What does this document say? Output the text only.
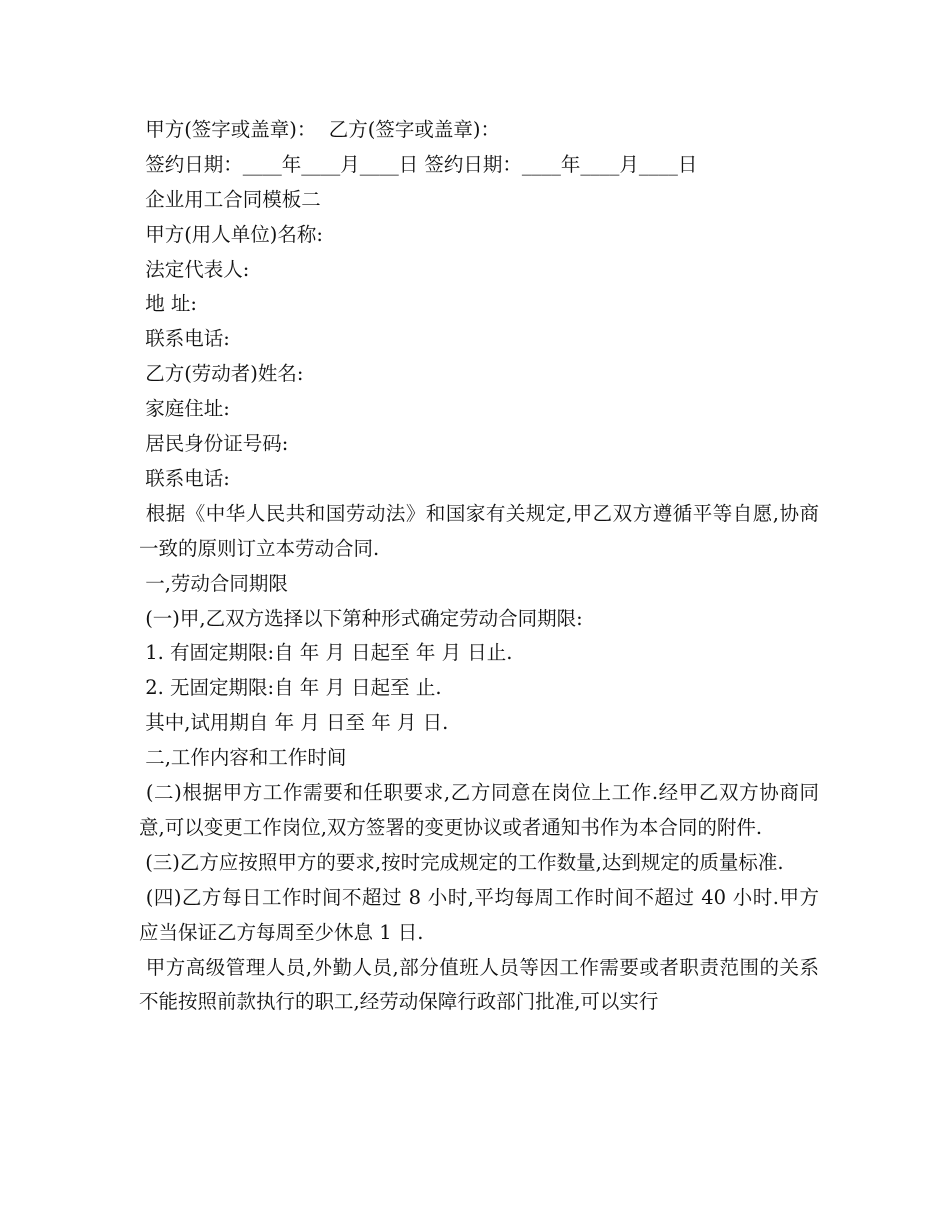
甲方(签字或盖章)：  乙方(签字或盖章)：

签约日期：____年____月____日 签约日期：____年____月____日

企业用工合同模板二

甲方(用人单位)名称:

法定代表人:

地 址:

联系电话:

乙方(劳动者)姓名:

家庭住址:

居民身份证号码:

联系电话:

根据《中华人民共和国劳动法》和国家有关规定,甲乙双方遵循平等自愿,协商一致的原则订立本劳动合同.

一,劳动合同期限

(一)甲,乙双方选择以下第种形式确定劳动合同期限:

1. 有固定期限:自 年 月 日起至 年 月 日止.

2. 无固定期限:自 年 月 日起至 止.

其中,试用期自 年 月 日至 年 月 日.

二,工作内容和工作时间

(二)根据甲方工作需要和任职要求,乙方同意在岗位上工作.经甲乙双方协商同意,可以变更工作岗位,双方签署的变更协议或者通知书作为本合同的附件.

(三)乙方应按照甲方的要求,按时完成规定的工作数量,达到规定的质量标准.

(四)乙方每日工作时间不超过 8 小时,平均每周工作时间不超过 40 小时.甲方应当保证乙方每周至少休息 1 日.

甲方高级管理人员,外勤人员,部分值班人员等因工作需要或者职责范围的关系不能按照前款执行的职工,经劳动保障行政部门批准,可以实行
